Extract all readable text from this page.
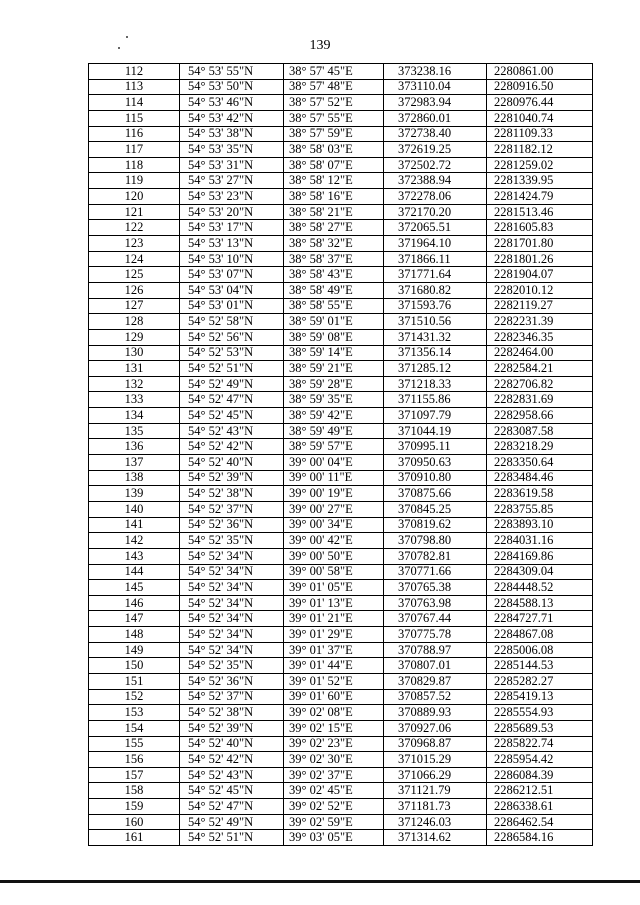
139
112	54° 53' 55"N	38° 57' 45"E	373238.16	2280861.00
113	54° 53' 50"N	38° 57' 48"E	373110.04	2280916.50
114	54° 53' 46"N	38° 57' 52"E	372983.94	2280976.44
115	54° 53' 42"N	38° 57' 55"E	372860.01	2281040.74
116	54° 53' 38"N	38° 57' 59"E	372738.40	2281109.33
117	54° 53' 35"N	38° 58' 03"E	372619.25	2281182.12
118	54° 53' 31"N	38° 58' 07"E	372502.72	2281259.02
119	54° 53' 27"N	38° 58' 12"E	372388.94	2281339.95
120	54° 53' 23"N	38° 58' 16"E	372278.06	2281424.79
121	54° 53' 20"N	38° 58' 21"E	372170.20	2281513.46
122	54° 53' 17"N	38° 58' 27"E	372065.51	2281605.83
123	54° 53' 13"N	38° 58' 32"E	371964.10	2281701.80
124	54° 53' 10"N	38° 58' 37"E	371866.11	2281801.26
125	54° 53' 07"N	38° 58' 43"E	371771.64	2281904.07
126	54° 53' 04"N	38° 58' 49"E	371680.82	2282010.12
127	54° 53' 01"N	38° 58' 55"E	371593.76	2282119.27
128	54° 52' 58"N	38° 59' 01"E	371510.56	2282231.39
129	54° 52' 56"N	38° 59' 08"E	371431.32	2282346.35
130	54° 52' 53"N	38° 59' 14"E	371356.14	2282464.00
131	54° 52' 51"N	38° 59' 21"E	371285.12	2282584.21
132	54° 52' 49"N	38° 59' 28"E	371218.33	2282706.82
133	54° 52' 47"N	38° 59' 35"E	371155.86	2282831.69
134	54° 52' 45"N	38° 59' 42"E	371097.79	2282958.66
135	54° 52' 43"N	38° 59' 49"E	371044.19	2283087.58
136	54° 52' 42"N	38° 59' 57"E	370995.11	2283218.29
137	54° 52' 40"N	39° 00' 04"E	370950.63	2283350.64
138	54° 52' 39"N	39° 00' 11"E	370910.80	2283484.46
139	54° 52' 38"N	39° 00' 19"E	370875.66	2283619.58
140	54° 52' 37"N	39° 00' 27"E	370845.25	2283755.85
141	54° 52' 36"N	39° 00' 34"E	370819.62	2283893.10
142	54° 52' 35"N	39° 00' 42"E	370798.80	2284031.16
143	54° 52' 34"N	39° 00' 50"E	370782.81	2284169.86
144	54° 52' 34"N	39° 00' 58"E	370771.66	2284309.04
145	54° 52' 34"N	39° 01' 05"E	370765.38	2284448.52
146	54° 52' 34"N	39° 01' 13"E	370763.98	2284588.13
147	54° 52' 34"N	39° 01' 21"E	370767.44	2284727.71
148	54° 52' 34"N	39° 01' 29"E	370775.78	2284867.08
149	54° 52' 34"N	39° 01' 37"E	370788.97	2285006.08
150	54° 52' 35"N	39° 01' 44"E	370807.01	2285144.53
151	54° 52' 36"N	39° 01' 52"E	370829.87	2285282.27
152	54° 52' 37"N	39° 01' 60"E	370857.52	2285419.13
153	54° 52' 38"N	39° 02' 08"E	370889.93	2285554.93
154	54° 52' 39"N	39° 02' 15"E	370927.06	2285689.53
155	54° 52' 40"N	39° 02' 23"E	370968.87	2285822.74
156	54° 52' 42"N	39° 02' 30"E	371015.29	2285954.42
157	54° 52' 43"N	39° 02' 37"E	371066.29	2286084.39
158	54° 52' 45"N	39° 02' 45"E	371121.79	2286212.51
159	54° 52' 47"N	39° 02' 52"E	371181.73	2286338.61
160	54° 52' 49"N	39° 02' 59"E	371246.03	2286462.54
161	54° 52' 51"N	39° 03' 05"E	371314.62	2286584.16
